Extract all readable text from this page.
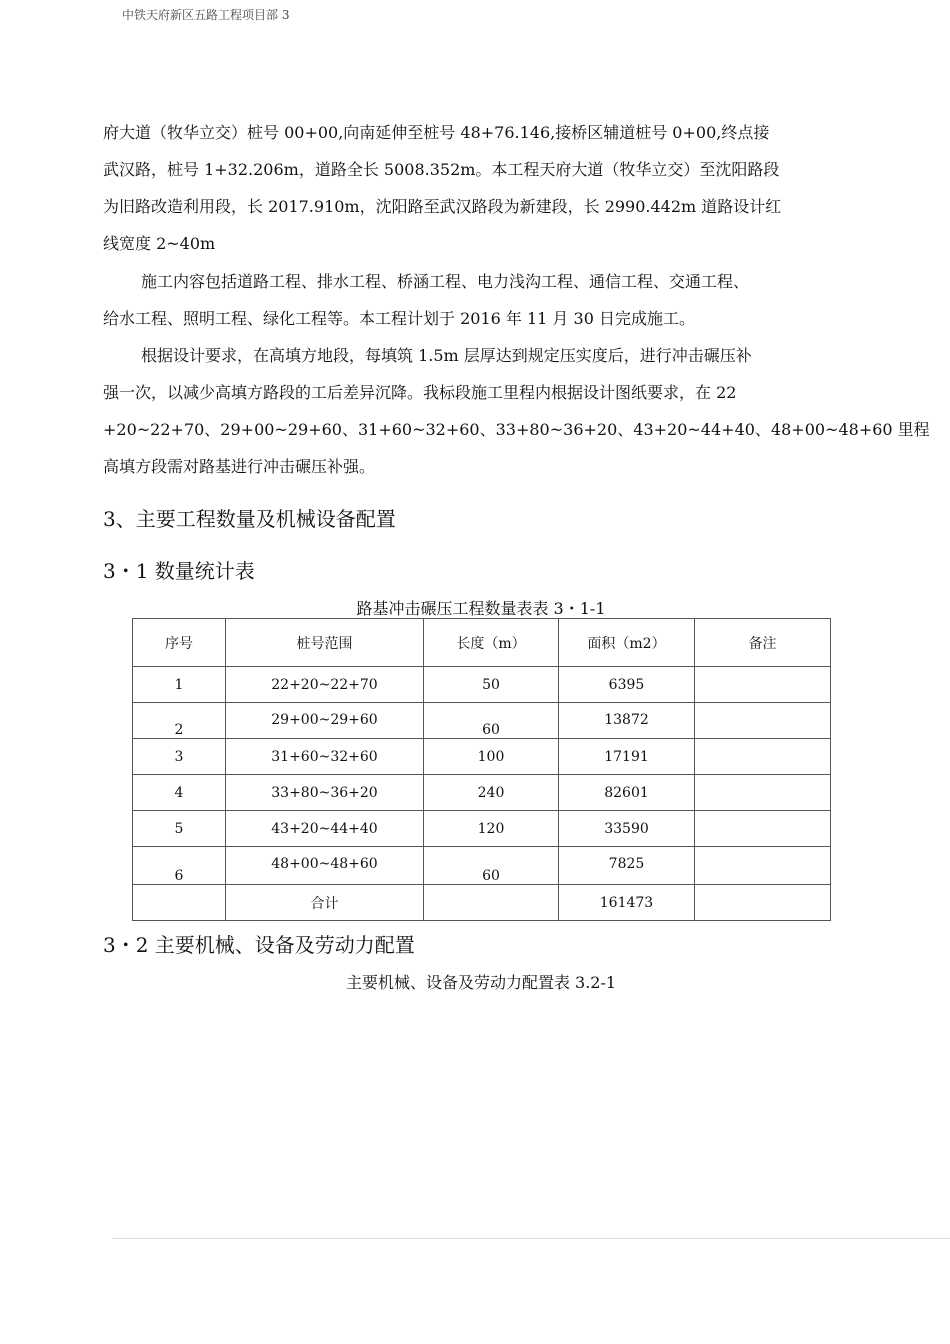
中铁天府新区五路工程项目部 3
府大道（牧华立交）桩号 00+00,向南延伸至桩号 48+76.146,接桥区辅道桩号 0+00,终点接
武汉路，桩号 1+32.206m，道路全长 5008.352m。本工程天府大道（牧华立交）至沈阳路段
为旧路改造利用段，长 2017.910m，沈阳路至武汉路段为新建段，长 2990.442m 道路设计红
线宽度 2~40m
施工内容包括道路工程、排水工程、桥涵工程、电力浅沟工程、通信工程、交通工程、
给水工程、照明工程、绿化工程等。本工程计划于 2016 年 11 月 30 日完成施工。
根据设计要求，在高填方地段，每填筑 1.5m 层厚达到规定压实度后，进行冲击碾压补
强一次，以减少高填方路段的工后差异沉降。我标段施工里程内根据设计图纸要求，在 22
+20~22+70、29+00~29+60、31+60~32+60、33+80~36+20、43+20~44+40、48+00~48+60 里程
高填方段需对路基进行冲击碾压补强。
3、主要工程数量及机械设备配置
3・1 数量统计表
路基冲击碾压工程数量表表 3・1-1
序号	桩号范围	长度（m）	面积（m2）	备注
1	22+20~22+70	50	6395	
2	29+00~29+60	60	13872	
3	31+60~32+60	100	17191	
4	33+80~36+20	240	82601	
5	43+20~44+40	120	33590	
6	48+00~48+60	60	7825	
	合计		161473	
3・2 主要机械、设备及劳动力配置
主要机械、设备及劳动力配置表 3.2-1
